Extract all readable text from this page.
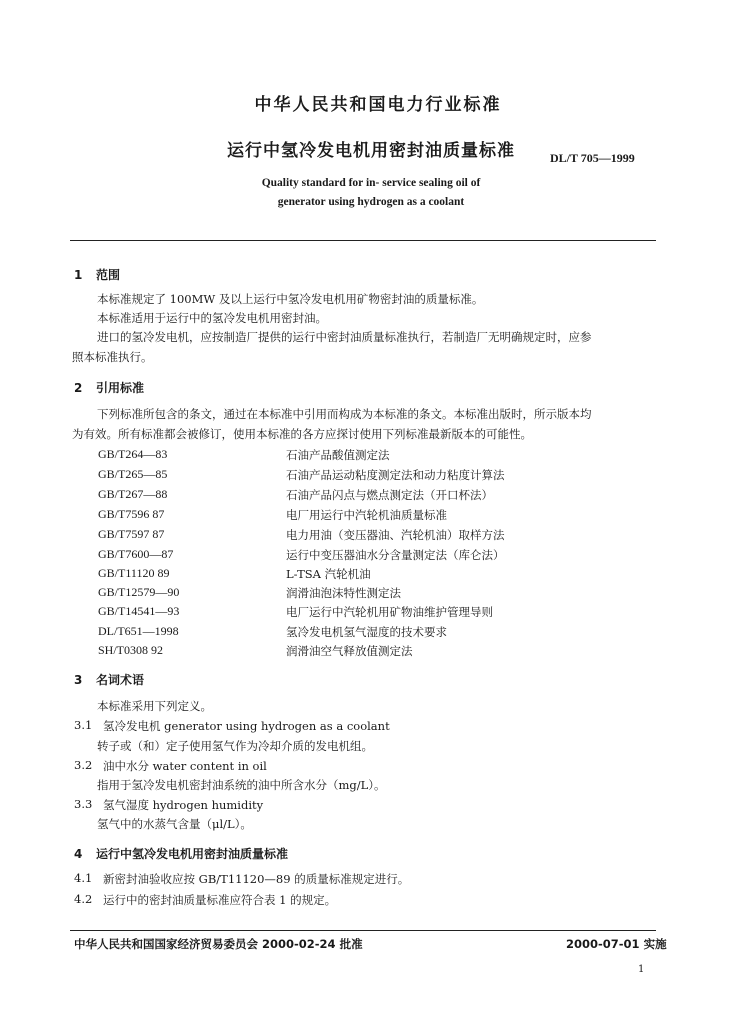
中华人民共和国电力行业标准
运行中氢冷发电机用密封油质量标准	DL/T 705—1999
Quality standard for in- service sealing oil of
generator using hydrogen as a coolant
1 范围
本标准规定了 100MW 及以上运行中氢冷发电机用矿物密封油的质量标准。
本标准适用于运行中的氢冷发电机用密封油。
进口的氢冷发电机，应按制造厂提供的运行中密封油质量标准执行，若制造厂无明确规定时，应参
照本标准执行。
2 引用标准
下列标准所包含的条文，通过在本标准中引用而构成为本标准的条文。本标准出版时，所示版本均
为有效。所有标准都会被修订，使用本标准的各方应探讨使用下列标准最新版本的可能性。
GB/T264—83	石油产品酸值测定法
GB/T265—85	石油产品运动粘度测定法和动力粘度计算法
GB/T267—88	石油产品闪点与燃点测定法（开口杯法）
GB/T7596 87	电厂用运行中汽轮机油质量标准
GB/T7597 87	电力用油（变压器油、汽轮机油）取样方法
GB/T7600—87	运行中变压器油水分含量测定法（库仑法）
GB/T11120 89	L-TSA 汽轮机油
GB/T12579—90	润滑油泡沫特性测定法
GB/T14541—93	电厂运行中汽轮机用矿物油维护管理导则
DL/T651—1998	氢冷发电机氢气湿度的技术要求
SH/T0308 92	润滑油空气释放值测定法
3 名词术语
本标准采用下列定义。
3.1 氢冷发电机 generator using hydrogen as a coolant
转子或（和）定子使用氢气作为冷却介质的发电机组。
3.2 油中水分 water content in oil
指用于氢冷发电机密封油系统的油中所含水分（mg/L）。
3.3 氢气湿度 hydrogen humidity
氢气中的水蒸气含量（μl/L）。
4 运行中氢冷发电机用密封油质量标准
4.1 新密封油验收应按 GB/T11120—89 的质量标准规定进行。
4.2 运行中的密封油质量标准应符合表 1 的规定。
中华人民共和国国家经济贸易委员会 2000-02-24 批准	2000-07-01 实施
1
